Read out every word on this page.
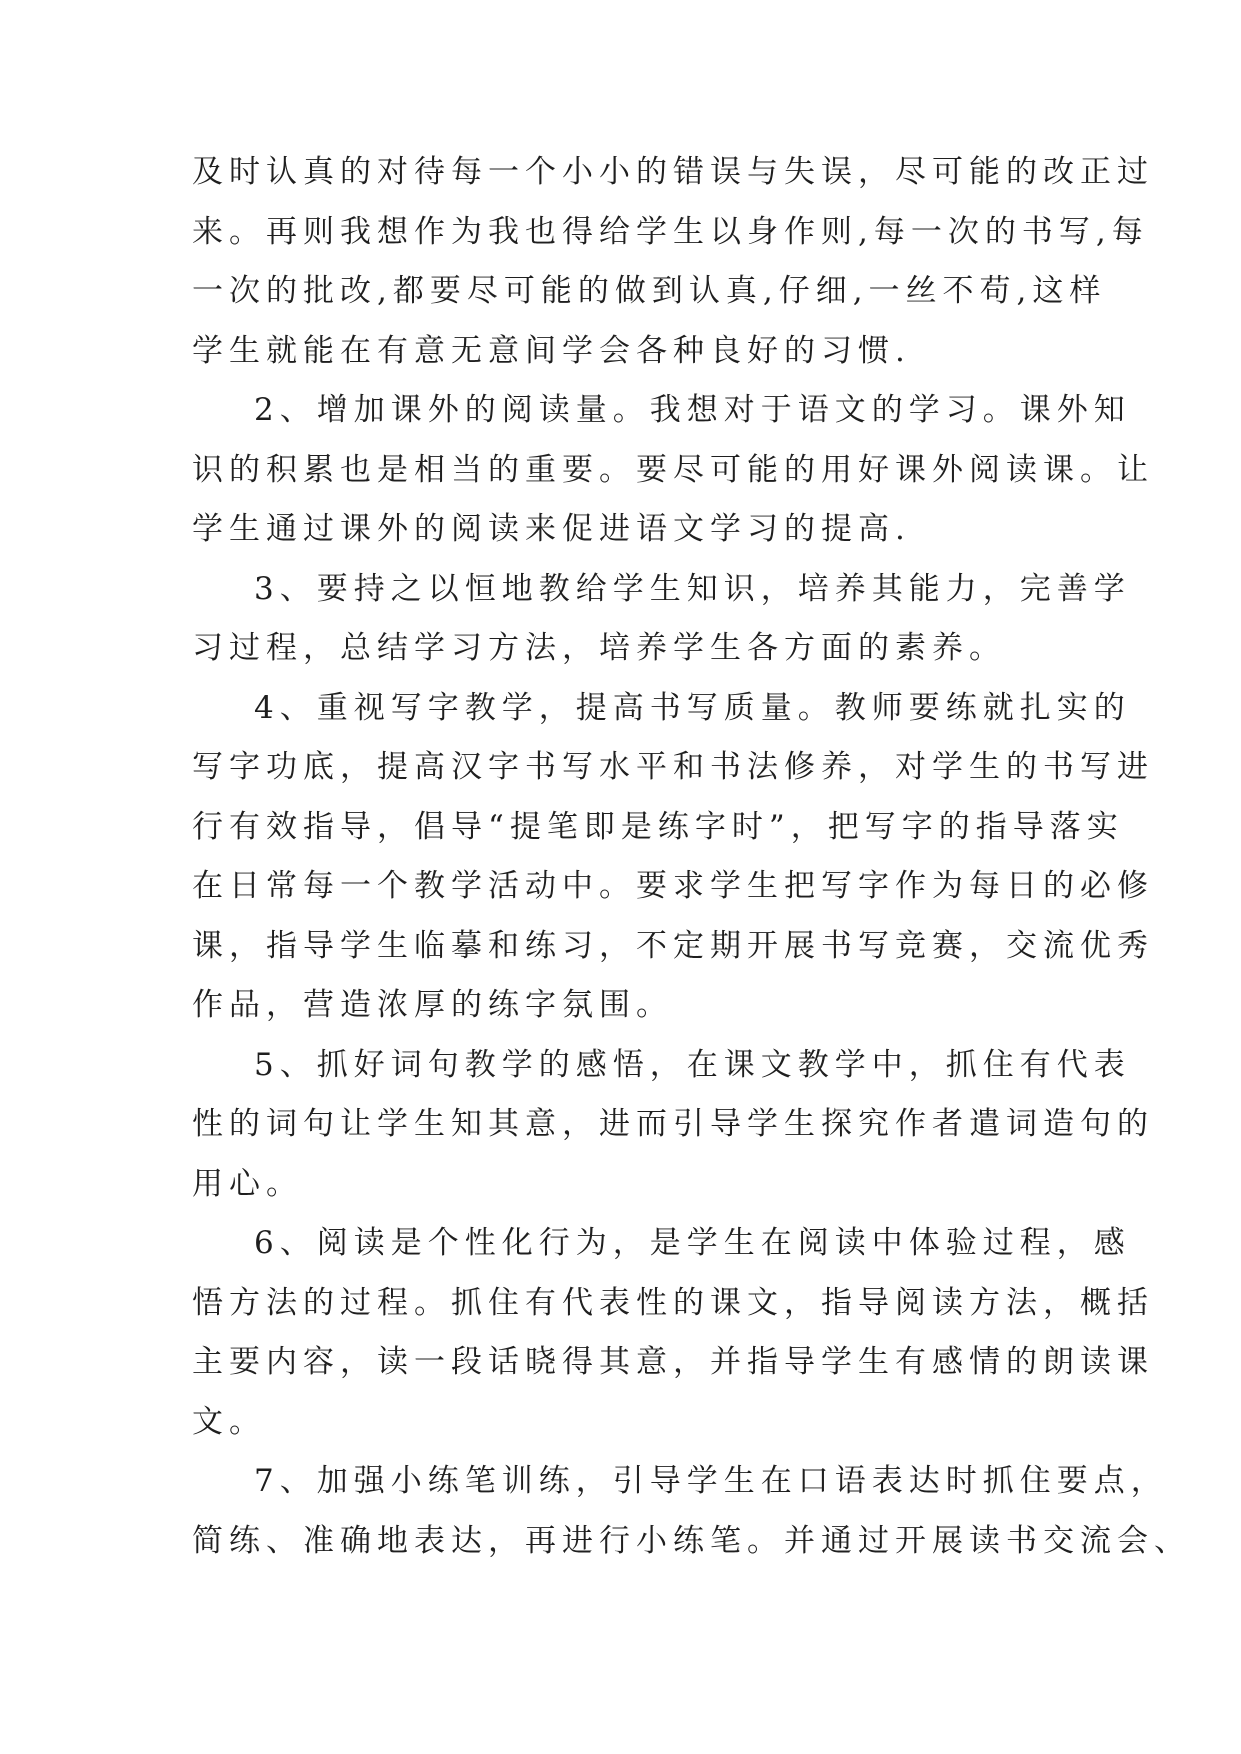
及时认真的对待每一个小小的错误与失误，尽可能的改正过
来。再则我想作为我也得给学生以身作则,每一次的书写,每
一次的批改,都要尽可能的做到认真,仔细,一丝不苟,这样
学生就能在有意无意间学会各种良好的习惯.
2、增加课外的阅读量。我想对于语文的学习。课外知
识的积累也是相当的重要。要尽可能的用好课外阅读课。让
学生通过课外的阅读来促进语文学习的提高.
3、要持之以恒地教给学生知识，培养其能力，完善学
习过程，总结学习方法，培养学生各方面的素养。
4、重视写字教学，提高书写质量。教师要练就扎实的
写字功底，提高汉字书写水平和书法修养，对学生的书写进
行有效指导，倡导“提笔即是练字时”，把写字的指导落实
在日常每一个教学活动中。要求学生把写字作为每日的必修
课，指导学生临摹和练习，不定期开展书写竞赛，交流优秀
作品，营造浓厚的练字氛围。
5、抓好词句教学的感悟，在课文教学中，抓住有代表
性的词句让学生知其意，进而引导学生探究作者遣词造句的
用心。
6、阅读是个性化行为，是学生在阅读中体验过程，感
悟方法的过程。抓住有代表性的课文，指导阅读方法，概括
主要内容，读一段话晓得其意，并指导学生有感情的朗读课
文。
7、加强小练笔训练，引导学生在口语表达时抓住要点，
简练、准确地表达，再进行小练笔。并通过开展读书交流会、
